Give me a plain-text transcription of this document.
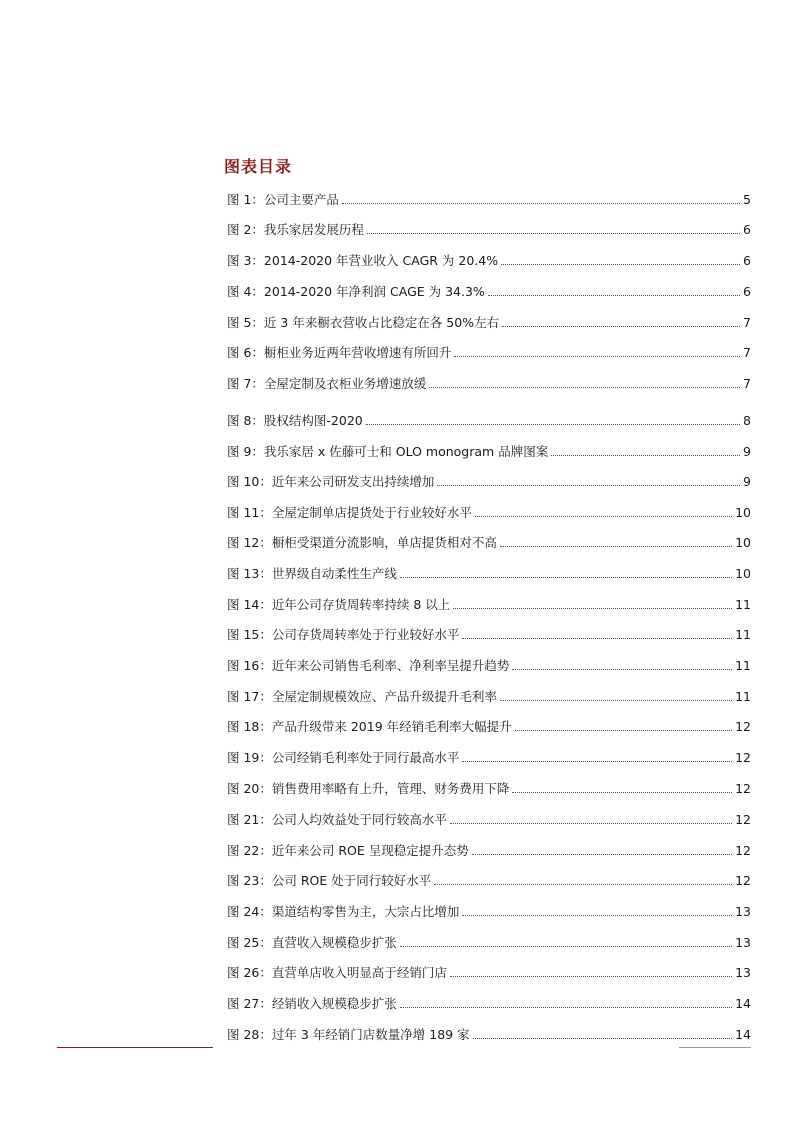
图表目录
图 1：公司主要产品	5
图 2：我乐家居发展历程	6
图 3：2014-2020 年营业收入 CAGR 为 20.4%	6
图 4：2014-2020 年净利润 CAGE 为 34.3%	6
图 5：近 3 年来橱衣营收占比稳定在各 50%左右	7
图 6：橱柜业务近两年营收增速有所回升	7
图 7：全屋定制及衣柜业务增速放缓	7
图 8：股权结构图-2020	8
图 9：我乐家居 x 佐藤可士和 OLO monogram 品牌图案	9
图 10：近年来公司研发支出持续增加	9
图 11：全屋定制单店提货处于行业较好水平	10
图 12：橱柜受渠道分流影响，单店提货相对不高	10
图 13：世界级自动柔性生产线	10
图 14：近年公司存货周转率持续 8 以上	11
图 15：公司存货周转率处于行业较好水平	11
图 16：近年来公司销售毛利率、净利率呈提升趋势	11
图 17：全屋定制规模效应、产品升级提升毛利率	11
图 18：产品升级带来 2019 年经销毛利率大幅提升	12
图 19：公司经销毛利率处于同行最高水平	12
图 20：销售费用率略有上升，管理、财务费用下降	12
图 21：公司人均效益处于同行较高水平	12
图 22：近年来公司 ROE 呈现稳定提升态势	12
图 23：公司 ROE 处于同行较好水平	12
图 24：渠道结构零售为主，大宗占比增加	13
图 25：直营收入规模稳步扩张	13
图 26：直营单店收入明显高于经销门店	13
图 27：经销收入规模稳步扩张	14
图 28：过年 3 年经销门店数量净增 189 家	14
